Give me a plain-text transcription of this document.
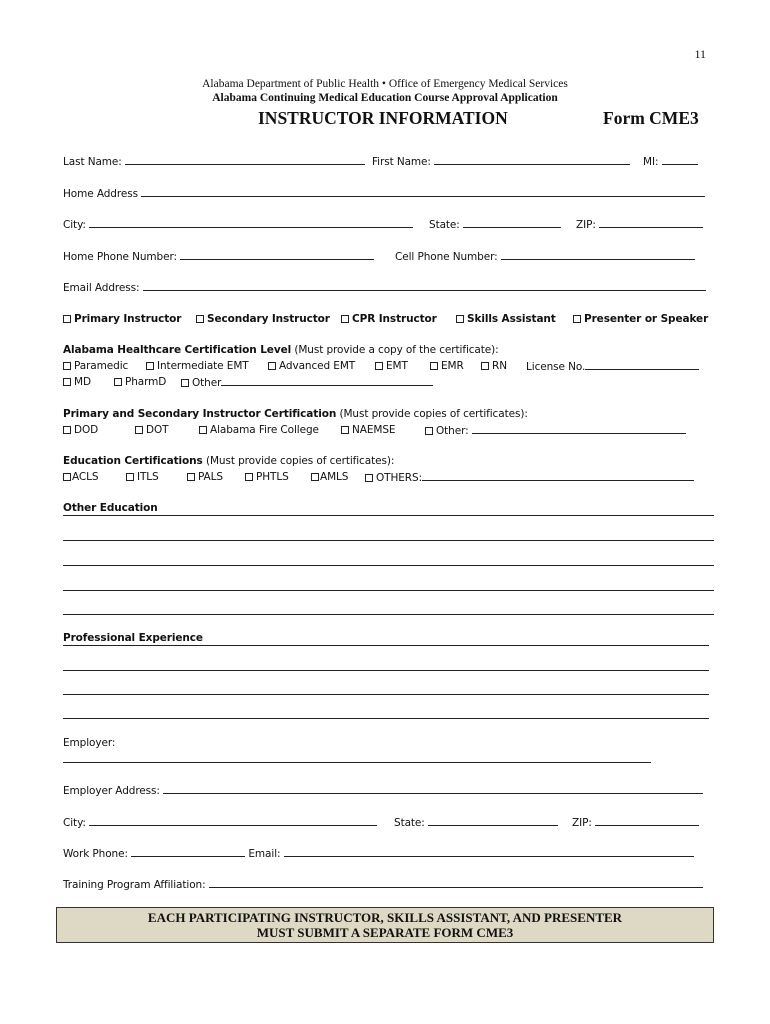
11
Alabama Department of Public Health • Office of Emergency Medical Services
Alabama Continuing Medical Education Course Approval Application
INSTRUCTOR INFORMATION	Form CME3
Last Name:	First Name:	MI:
Home Address
City:	State:	ZIP:
Home Phone Number:	Cell Phone Number:
Email Address:
Primary Instructor	Secondary Instructor	CPR Instructor	Skills Assistant	Presenter or Speaker
Alabama Healthcare Certification Level (Must provide a copy of the certificate):
Paramedic	Intermediate EMT	Advanced EMT	EMT	EMR	RN License No.
MD	PharmD	Other
Primary and Secondary Instructor Certification (Must provide copies of certificates):
DOD	DOT	Alabama Fire College	NAEMSE	Other:
Education Certifications (Must provide copies of certificates):
ACLS	ITLS	PALS	PHTLS	AMLS	OTHERS:
Other Education
Professional Experience
Employer:
Employer Address:
City:	State:	ZIP:
Work Phone:	Email:
Training Program Affiliation:
EACH PARTICIPATING INSTRUCTOR, SKILLS ASSISTANT, AND PRESENTER
MUST SUBMIT A SEPARATE FORM CME3
